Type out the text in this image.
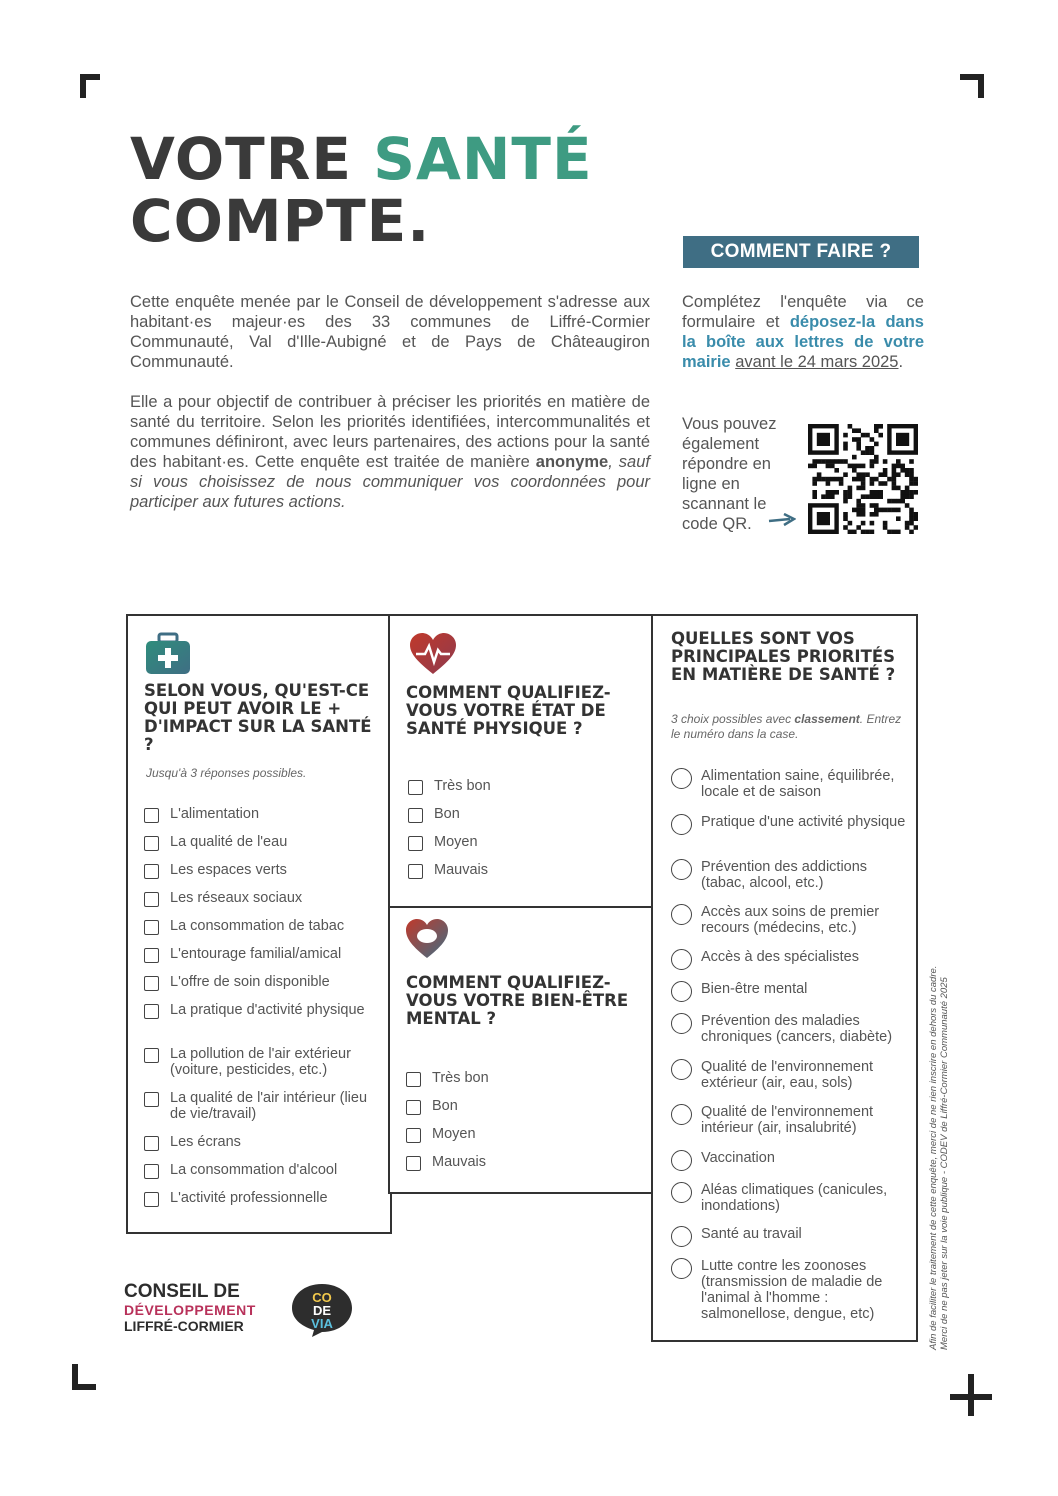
VOTRE SANTÉ
COMPTE.

Cette enquête menée par le Conseil de développement s'adresse aux habitant·es majeur·es des 33 communes de Liffré-Cormier Communauté, Val d'Ille-Aubigné et de Pays de Châteaugiron Communauté.

Elle a pour objectif de contribuer à préciser les priorités en matière de santé du territoire. Selon les priorités identifiées, intercommunalités et communes définiront, avec leurs partenaires, des actions pour la santé des habitant·es. Cette enquête est traitée de manière anonyme, sauf si vous choisissez de nous communiquer vos coordonnées pour participer aux futures actions.

COMMENT FAIRE ?
Complétez l'enquête via ce formulaire et déposez-la dans la boîte aux lettres de votre mairie avant le 24 mars 2025.
Vous pouvez également répondre en ligne en scannant le code QR.
SELON VOUS, QU'EST-CE QUI PEUT AVOIR LE + D'IMPACT SUR LA SANTÉ ?
Jusqu'à 3 réponses possibles.
L'alimentation
La qualité de l'eau
Les espaces verts
Les réseaux sociaux
La consommation de tabac
L'entourage familial/amical
L'offre de soin disponible
La pratique d'activité physique
La pollution de l'air extérieur (voiture, pesticides, etc.)
La qualité de l'air intérieur (lieu de vie/travail)
Les écrans
La consommation d'alcool
L'activité professionnelle
COMMENT QUALIFIEZ-VOUS VOTRE ÉTAT DE SANTÉ PHYSIQUE ?
Très bon
Bon
Moyen
Mauvais
COMMENT QUALIFIEZ-VOUS VOTRE BIEN-ÊTRE MENTAL ?
Très bon
Bon
Moyen
Mauvais
QUELLES SONT VOS PRINCIPALES PRIORITÉS EN MATIÈRE DE SANTÉ ?
3 choix possibles avec classement. Entrez le numéro dans la case.
Alimentation saine, équilibrée, locale et de saison
Pratique d'une activité physique
Prévention des addictions (tabac, alcool, etc.)
Accès aux soins de premier recours (médecins, etc.)
Accès à des spécialistes
Bien-être mental
Prévention des maladies chroniques (cancers, diabète)
Qualité de l'environnement extérieur (air, eau, sols)
Qualité de l'environnement intérieur (air, insalubrité)
Vaccination
Aléas climatiques (canicules, inondations)
Santé au travail
Lutte contre les zoonoses (transmission de maladie de l'animal à l'homme : salmonellose, dengue, etc)	Afin de faciliter le traitement de cette enquête, merci de ne rien inscrire en dehors du cadre. Merci de ne pas jeter sur la voie publique - CODEV de Liffré-Cormier Communauté 2025
CONSEIL DE
DÉVELOPPEMENT
LIFFRÉ-CORMIER
CO
DE
VIA
